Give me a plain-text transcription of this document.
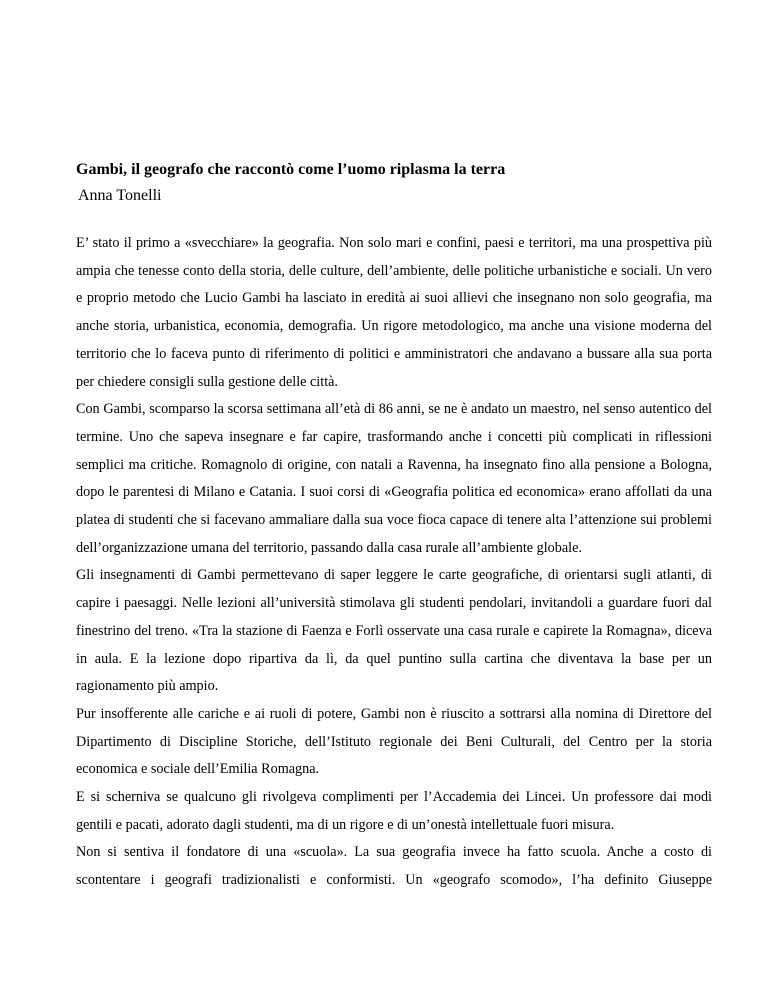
Gambi, il geografo che raccontò come l’uomo riplasma la terra
Anna Tonelli

E’ stato il primo a «svecchiare» la geografia. Non solo mari e confini, paesi e territori, ma una prospettiva più ampia che tenesse conto della storia, delle culture, dell’ambiente, delle politiche urbanistiche e sociali. Un vero e proprio metodo che Lucio Gambi ha lasciato in eredità ai suoi allievi che insegnano non solo geografia, ma anche storia, urbanistica, economia, demografia. Un rigore metodologico, ma anche una visione moderna del territorio che lo faceva punto di riferimento di politici e amministratori che andavano a bussare alla sua porta per chiedere consigli sulla gestione delle città.

Con Gambi, scomparso la scorsa settimana all’età di 86 anni, se ne è andato un maestro, nel senso autentico del termine. Uno che sapeva insegnare e far capire, trasformando anche i concetti più complicati in riflessioni semplici ma critiche. Romagnolo di origine, con natali a Ravenna, ha insegnato fino alla pensione a Bologna, dopo le parentesi di Milano e Catania. I suoi corsi di «Geografia politica ed economica» erano affollati da una platea di studenti che si facevano ammaliare dalla sua voce fioca capace di tenere alta l’attenzione sui problemi dell’organizzazione umana del territorio, passando dalla casa rurale all’ambiente globale.

Gli insegnamenti di Gambi permettevano di saper leggere le carte geografiche, di orientarsi sugli atlanti, di capire i paesaggi. Nelle lezioni all’università stimolava gli studenti pendolari, invitandoli a guardare fuori dal finestrino del treno. «Tra la stazione di Faenza e Forlì osservate una casa rurale e capirete la Romagna», diceva in aula. E la lezione dopo ripartiva da lì, da quel puntino sulla cartina che diventava la base per un ragionamento più ampio.

Pur insofferente alle cariche e ai ruoli di potere, Gambi non è riuscito a sottrarsi alla nomina di Direttore del Dipartimento di Discipline Storiche, dell’Istituto regionale dei Beni Culturali, del Centro per la storia economica e sociale dell’Emilia Romagna.

E si scherniva se qualcuno gli rivolgeva complimenti per l’Accademia dei Lincei. Un professore dai modi gentili e pacati, adorato dagli studenti, ma di un rigore e di un’onestà intellettuale fuori misura.

Non si sentiva il fondatore di una «scuola». La sua geografia invece ha fatto scuola. Anche a costo di scontentare i geografi tradizionalisti e conformisti. Un «geografo scomodo», l’ha definito Giuseppe
